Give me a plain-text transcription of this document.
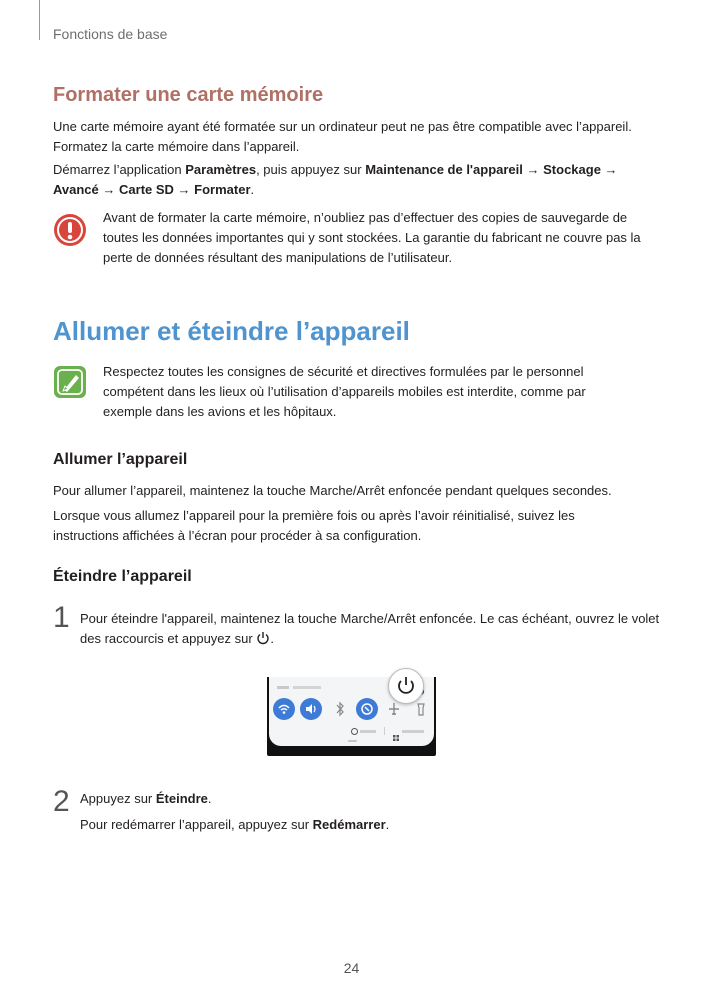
Fonctions de base
Formater une carte mémoire
Une carte mémoire ayant été formatée sur un ordinateur peut ne pas être compatible avec l’appareil. Formatez la carte mémoire dans l’appareil.
Démarrez l’application Paramètres, puis appuyez sur Maintenance de l'appareil → Stockage → Avancé → Carte SD → Formater.
Avant de formater la carte mémoire, n’oubliez pas d’effectuer des copies de sauvegarde de toutes les données importantes qui y sont stockées. La garantie du fabricant ne couvre pas la perte de données résultant des manipulations de l’utilisateur.
Allumer et éteindre l’appareil
Respectez toutes les consignes de sécurité et directives formulées par le personnel compétent dans les lieux où l’utilisation d’appareils mobiles est interdite, comme par exemple dans les avions et les hôpitaux.
Allumer l’appareil
Pour allumer l’appareil, maintenez la touche Marche/Arrêt enfoncée pendant quelques secondes.
Lorsque vous allumez l’appareil pour la première fois ou après l’avoir réinitialisé, suivez les instructions affichées à l’écran pour procéder à sa configuration.
Éteindre l’appareil
1 Pour éteindre l'appareil, maintenez la touche Marche/Arrêt enfoncée. Le cas échéant, ouvrez le volet des raccourcis et appuyez sur .
2 Appuyez sur Éteindre.
Pour redémarrer l’appareil, appuyez sur Redémarrer.
24
